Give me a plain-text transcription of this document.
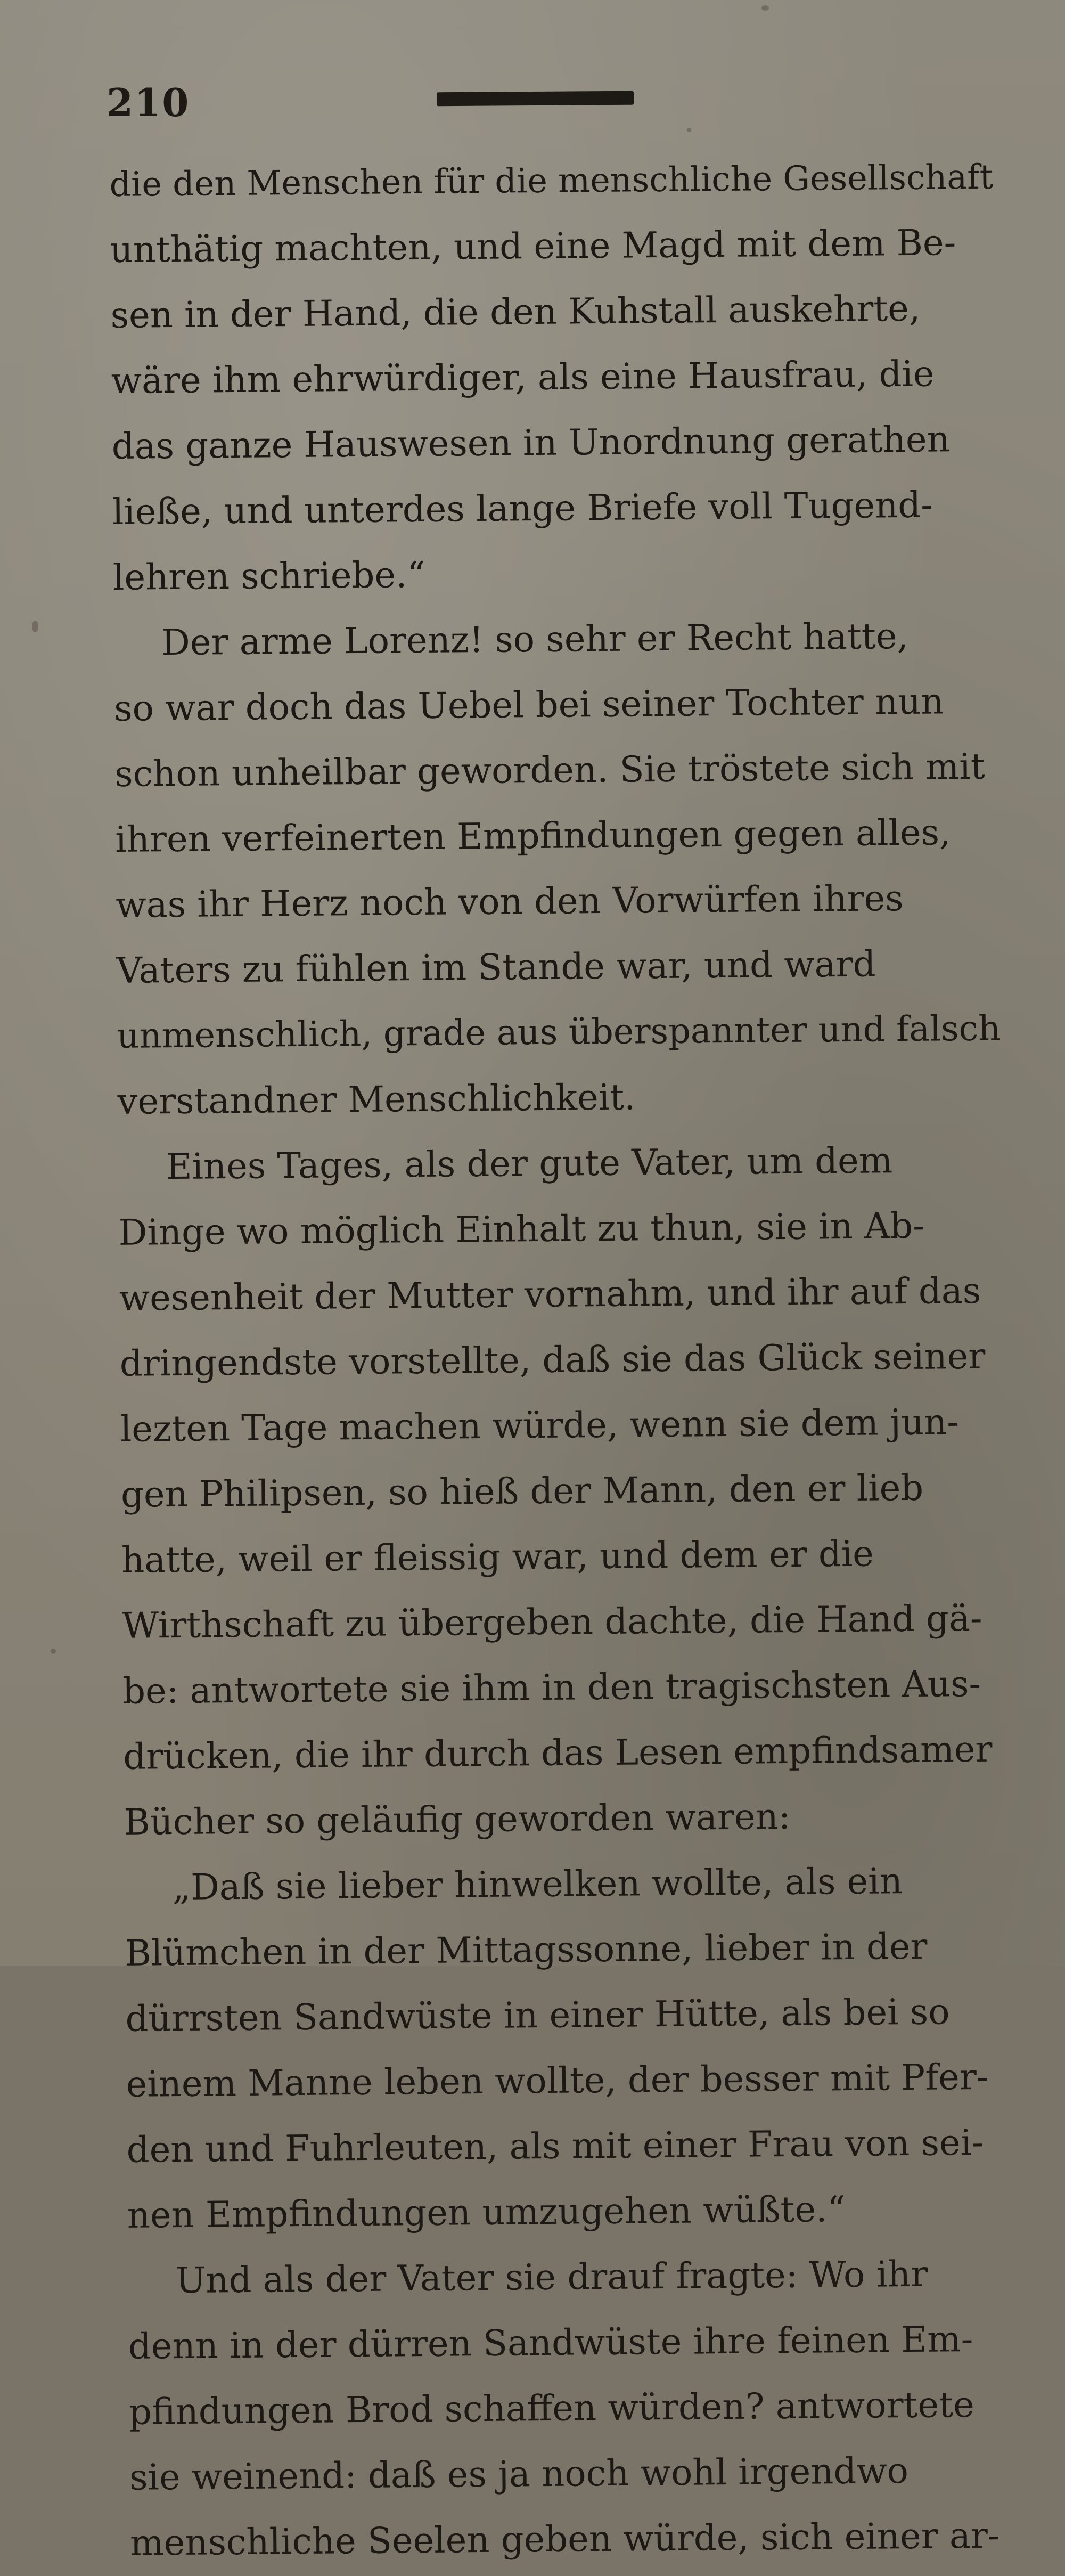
210
die den Menschen für die menschliche Gesellschaft
unthätig machten, und eine Magd mit dem Be-
sen in der Hand, die den Kuhstall auskehrte,
wäre ihm ehrwürdiger, als eine Hausfrau, die
das ganze Hauswesen in Unordnung gerathen
ließe, und unterdes lange Briefe voll Tugend-
lehren schriebe.“
Der arme Lorenz! so sehr er Recht hatte,
so war doch das Uebel bei seiner Tochter nun
schon unheilbar geworden. Sie tröstete sich mit
ihren verfeinerten Empfindungen gegen alles,
was ihr Herz noch von den Vorwürfen ihres
Vaters zu fühlen im Stande war, und ward
unmenschlich, grade aus überspannter und falsch
verstandner Menschlichkeit.
Eines Tages, als der gute Vater, um dem
Dinge wo möglich Einhalt zu thun, sie in Ab-
wesenheit der Mutter vornahm, und ihr auf das
dringendste vorstellte, daß sie das Glück seiner
lezten Tage machen würde, wenn sie dem jun-
gen Philipsen, so hieß der Mann, den er lieb
hatte, weil er fleissig war, und dem er die
Wirthschaft zu übergeben dachte, die Hand gä-
be: antwortete sie ihm in den tragischsten Aus-
drücken, die ihr durch das Lesen empfindsamer
Bücher so geläufig geworden waren:
„Daß sie lieber hinwelken wollte, als ein
Blümchen in der Mittagssonne, lieber in der
dürrsten Sandwüste in einer Hütte, als bei so
einem Manne leben wollte, der besser mit Pfer-
den und Fuhrleuten, als mit einer Frau von sei-
nen Empfindungen umzugehen wüßte.“
Und als der Vater sie drauf fragte: Wo ihr
denn in der dürren Sandwüste ihre feinen Em-
pfindungen Brod schaffen würden? antwortete
sie weinend: daß es ja noch wohl irgendwo
menschliche Seelen geben würde, sich einer ar-
